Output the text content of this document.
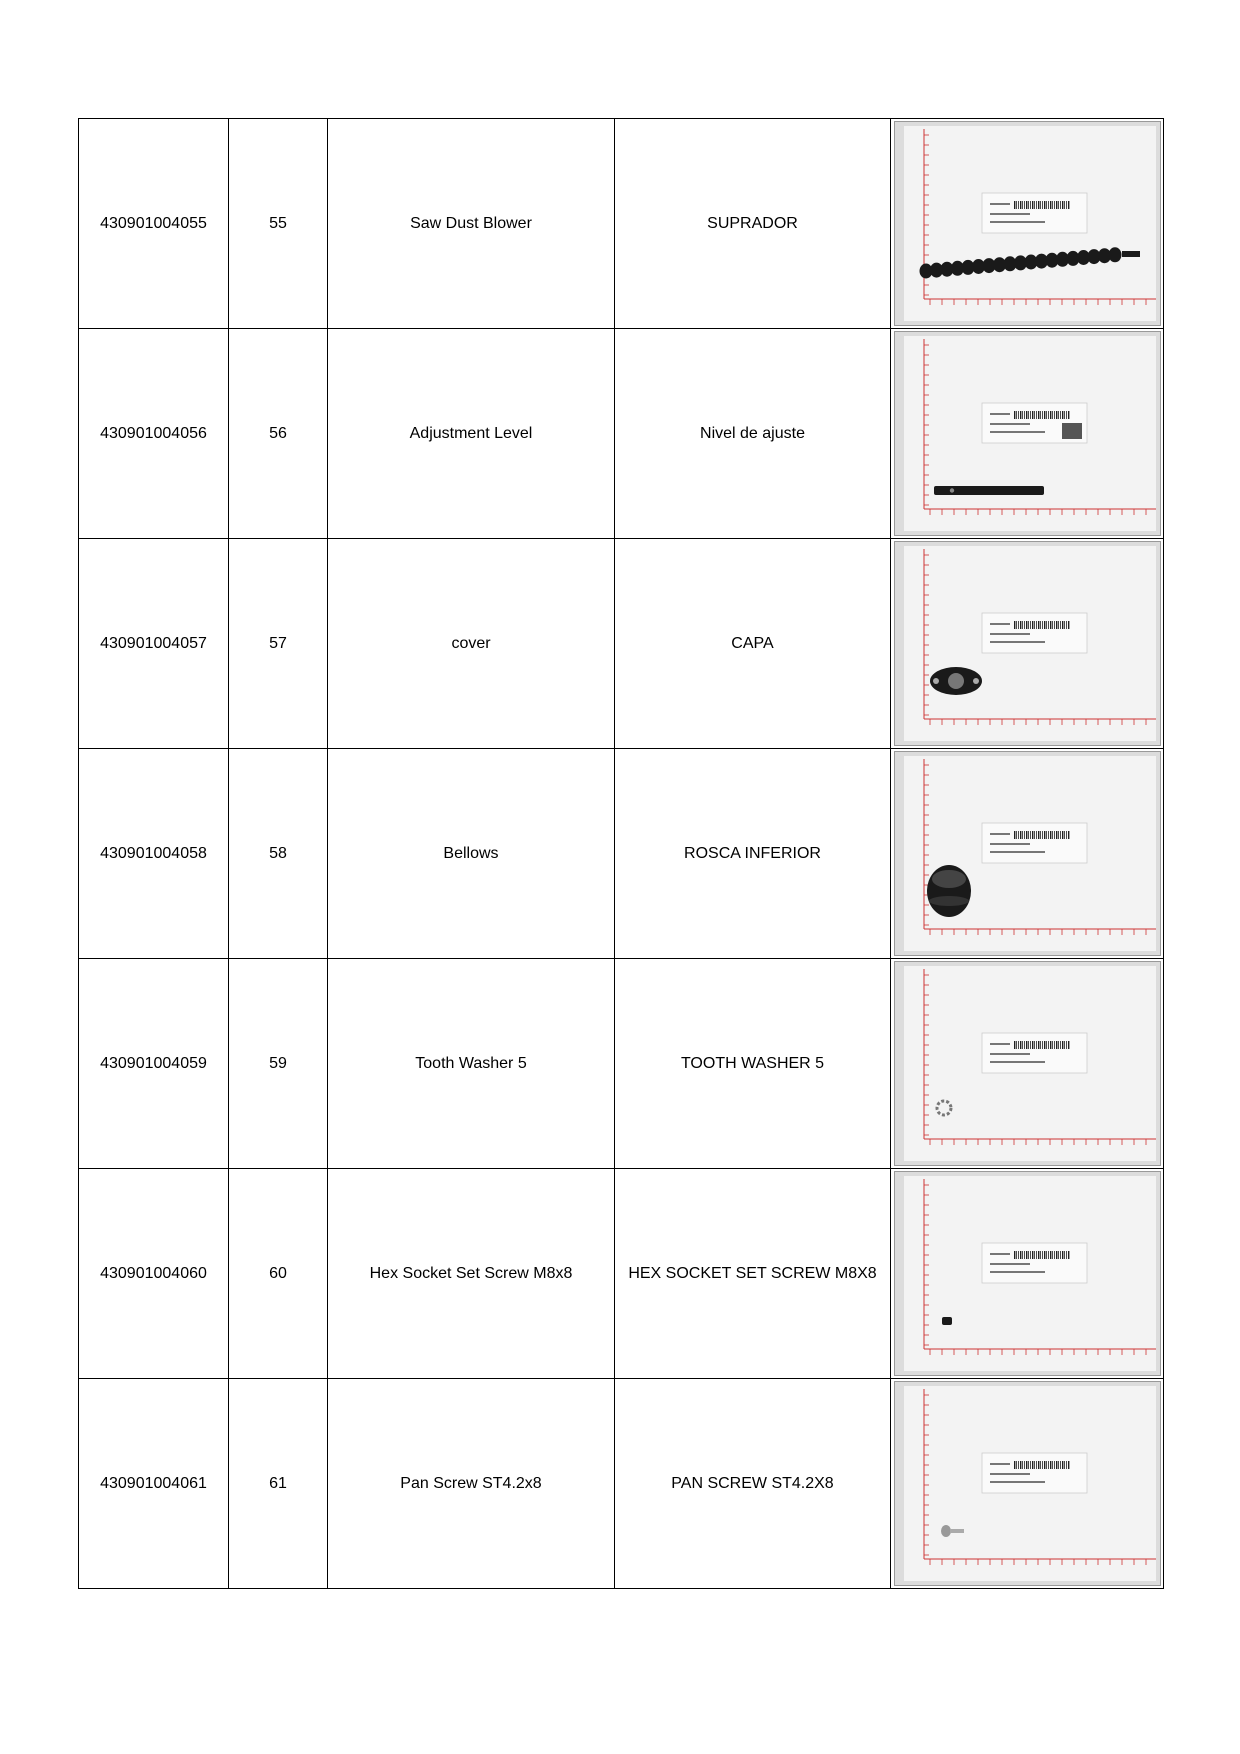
430901004055	55	Saw Dust Blower	SUPRADOR	

430901004056	56	Adjustment Level	Nivel de ajuste	

430901004057	57	cover	CAPA	

430901004058	58	Bellows	ROSCA INFERIOR	

430901004059	59	Tooth Washer 5	TOOTH WASHER 5	

430901004060	60	Hex Socket Set Screw M8x8	HEX SOCKET SET SCREW M8X8	

430901004061	61	Pan Screw ST4.2x8	PAN SCREW ST4.2X8	
